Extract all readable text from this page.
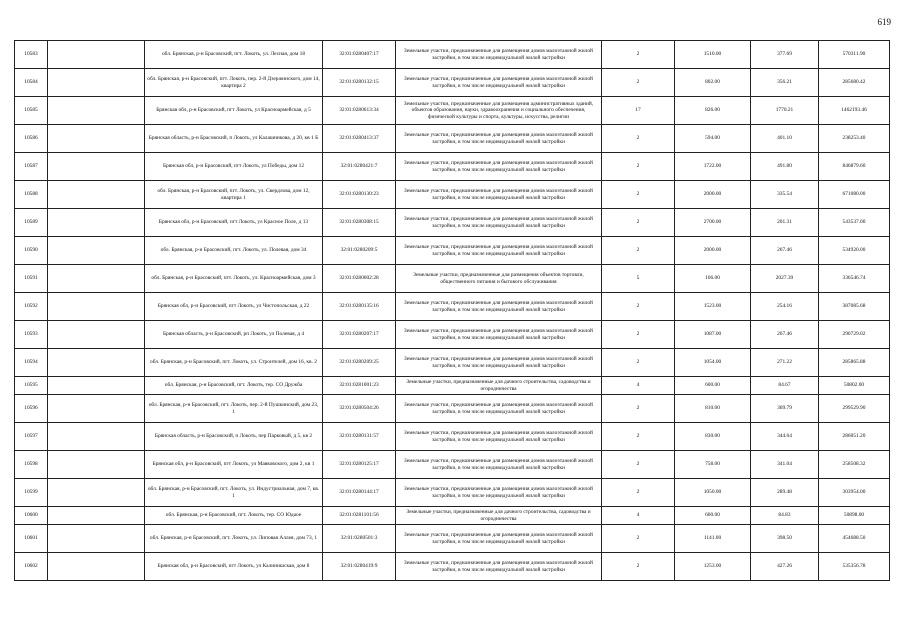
619
10583		обл. Брянская, р-н Брасовский, пгт. Локоть, ул. Лесная, дом 18	32:01:0280407:17	Земельные участки, предназначенные для размещения домов малоэтажной жилой застройки, в том числе индивидуальной жилой застройки	2	1510.00	377.69	570311.90
10584		обл. Брянская, р-н Брасовский, пгт. Локоть, пер. 2-й Дзержинского, дом 14, квартира 2	32:01:0280132:15	Земельные участки, предназначенные для размещения домов малоэтажной жилой застройки, в том числе индивидуальной жилой застройки	2	802.00	356.21	285680.42
10585		Брянская обл, р-н Брасовский, пгт Локоть, ул Красноармейская, д 5	32:01:0280613:34	Земельные участки, предназначенные для размещения административных зданий, объектов образования, науки, здравоохранения и социального обеспечения, физической культуры и спорта, культуры, искусства, религии	17	826.00	1770.21	1462193.46
10586		Брянская область, р-н Брасовский, п Локоть, ул Калашникова, д 20, кв 1 Б	32:01:0280413:37	Земельные участки, предназначенные для размещения домов малоэтажной жилой застройки, в том числе индивидуальной жилой застройки	2	594.00	401.10	238253.40
10587		Брянская обл, р-н Брасовский, пгт Локоть, ул Победы, дом 12	32:01:0280421:7	Земельные участки, предназначенные для размещения домов малоэтажной жилой застройки, в том числе индивидуальной жилой застройки	2	1722.00	491.80	846879.60
10588		обл. Брянская, р-н Брасовский, пгт. Локоть, ул. Свердлова, дом 12, квартира 1	32:01:0280130:23	Земельные участки, предназначенные для размещения домов малоэтажной жилой застройки, в том числе индивидуальной жилой застройки	2	2000.00	335.54	671080.00
10589		Брянская обл, р-н Брасовский, пгт Локоть, ул Красное Поле, д 13	32:01:0280308:15	Земельные участки, предназначенные для размещения домов малоэтажной жилой застройки, в том числе индивидуальной жилой застройки	2	2700.00	201.31	543537.00
10590		обл. Брянская, р-н Брасовский, пгт. Локоть, ул. Полевая, дом 34	32:01:0280209:5	Земельные участки, предназначенные для размещения домов малоэтажной жилой застройки, в том числе индивидуальной жилой застройки	2	2000.00	267.46	534920.00
10591		обл. Брянская, р-н Брасовский, пгт. Локоть, ул. Красноармейская, дом 3	32:01:0280602:28	Земельные участки, предназначенные для размещения объектов торговли, общественного питания и бытового обслуживания	5	166.00	2027.39	336546.74
10592		Брянская обл, р-н Брасовский, пгт Локоть, ул Чистопольская, д 22	32:01:0280135:16	Земельные участки, предназначенные для размещения домов малоэтажной жилой застройки, в том числе индивидуальной жилой застройки	2	1523.00	254.16	387085.68
10593		Брянская область, р-н Брасовский, рп Локоть, ул Полевая, д 4	32:01:0280207:17	Земельные участки, предназначенные для размещения домов малоэтажной жилой застройки, в том числе индивидуальной жилой застройки	2	1087.00	267.46	290729.02
10594		обл. Брянская, р-н Брасовский, пгт. Локоть, ул. Строителей, дом 16, кв. 2	32:01:0280209:25	Земельные участки, предназначенные для размещения домов малоэтажной жилой застройки, в том числе индивидуальной жилой застройки	2	1054.00	271.22	285865.88
10595		обл. Брянская, р-н Брасовский, пгт. Локоть, тер. СО Дружба	32:01:0281001:23	Земельные участки, предназначенные для дачного строительства, садоводства и огородничества	4	600.00	84.67	50802.00
10596		обл. Брянская, р-н Брасовский, пгт. Локоть, пер. 2-й Пушкинский, дом 23, 1	32:01:0280504:26	Земельные участки, предназначенные для размещения домов малоэтажной жилой застройки, в том числе индивидуальной жилой застройки	2	810.00	369.79	299529.90
10597		Брянская область, р-н Брасовский, п Локоть, пер Парковый, д 5, кв 2	32:01:0280131:57	Земельные участки, предназначенные для размещения домов малоэтажной жилой застройки, в том числе индивидуальной жилой застройки	2	830.00	344.64	286051.20
10598		Брянская обл, р-н Брасовский, пгт Локоть, ул Маяковского, дом 2, кв 1	32:01:0280125:17	Земельные участки, предназначенные для размещения домов малоэтажной жилой застройки, в том числе индивидуальной жилой застройки	2	758.00	341.04	258508.32
10599		обл. Брянская, р-н Брасовский, пгт. Локоть, ул. Индустриальная, дом 7, кв. 1	32:01:0280144:17	Земельные участки, предназначенные для размещения домов малоэтажной жилой застройки, в том числе индивидуальной жилой застройки	2	1050.00	289.48	303954.00
10600		обл. Брянская, р-н Брасовский, пгт. Локоть, тер. СО Юдаое	32:01:0281101:56	Земельные участки, предназначенные для дачного строительства, садоводства и огородничества	4	600.00	84.83	50898.00
10601		обл. Брянская, р-н Брасовский, пгт. Локоть, ул. Липовая Аллея, дом 73, 1	32:01:0280501:3	Земельные участки, предназначенные для размещения домов малоэтажной жилой застройки, в том числе индивидуальной жилой застройки	2	1141.00	398.50	454688.50
10602		Брянская обл, р-н Брасовский, пгт Локоть, ул Калинишская, дом 8	32:01:0280419:9	Земельные участки, предназначенные для размещения домов малоэтажной жилой застройки, в том числе индивидуальной жилой застройки	2	1253.00	427.26	535356.78
